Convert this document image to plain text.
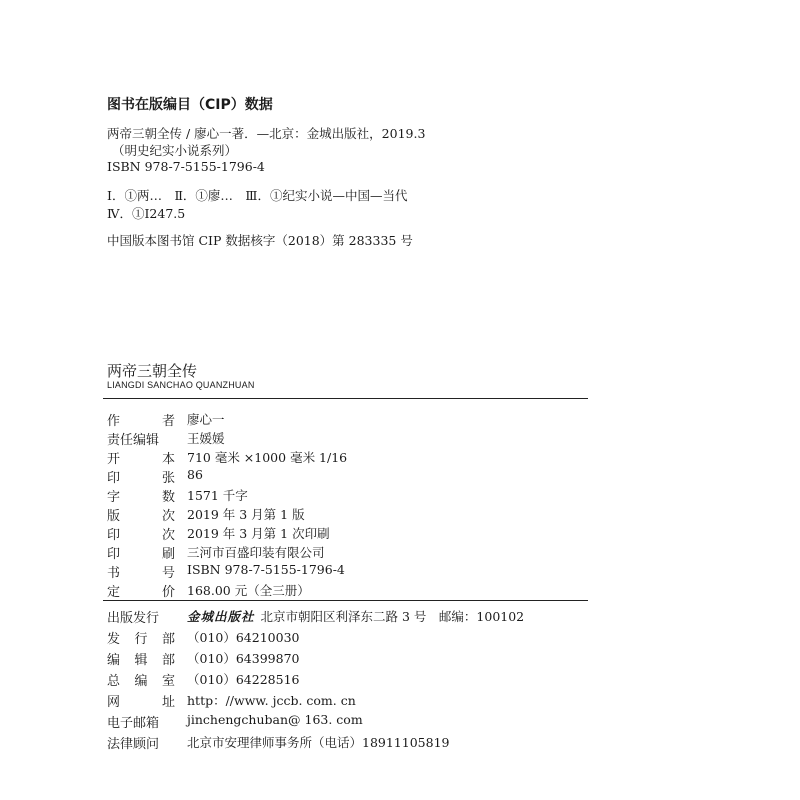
图书在版编目（CIP）数据
两帝三朝全传 / 廖心一著．—北京：金城出版社，2019.3
（明史纪实小说系列）
ISBN 978-7-5155-1796-4
Ⅰ．①两…　Ⅱ．①廖…　Ⅲ．①纪实小说—中国—当代
Ⅳ．①I247.5
中国版本图书馆 CIP 数据核字（2018）第 283335 号
两帝三朝全传
LIANGDI SANCHAO QUANZHUAN
作	者 廖心一
责 任 编 辑 王媛媛
开	本 710 毫米 ×1000 毫米 1/16
印	张 86
字	数 1571 千字
版	次 2019 年 3 月第 1 版
印	次 2019 年 3 月第 1 次印刷
印	刷 三河市百盛印装有限公司
书	号 ISBN 978-7-5155-1796-4
定	价 168.00 元（全三册）
出 版 发 行 金城出版社 北京市朝阳区利泽东二路 3 号　邮编：100102
发 行 部 （010）64210030
编 辑 部 （010）64399870
总 编 室 （010）64228516
网	址 http：//www. jccb. com. cn
电 子 邮 箱 jinchengchuban@ 163. com
法 律 顾 问 北京市安理律师事务所（电话）18911105819
